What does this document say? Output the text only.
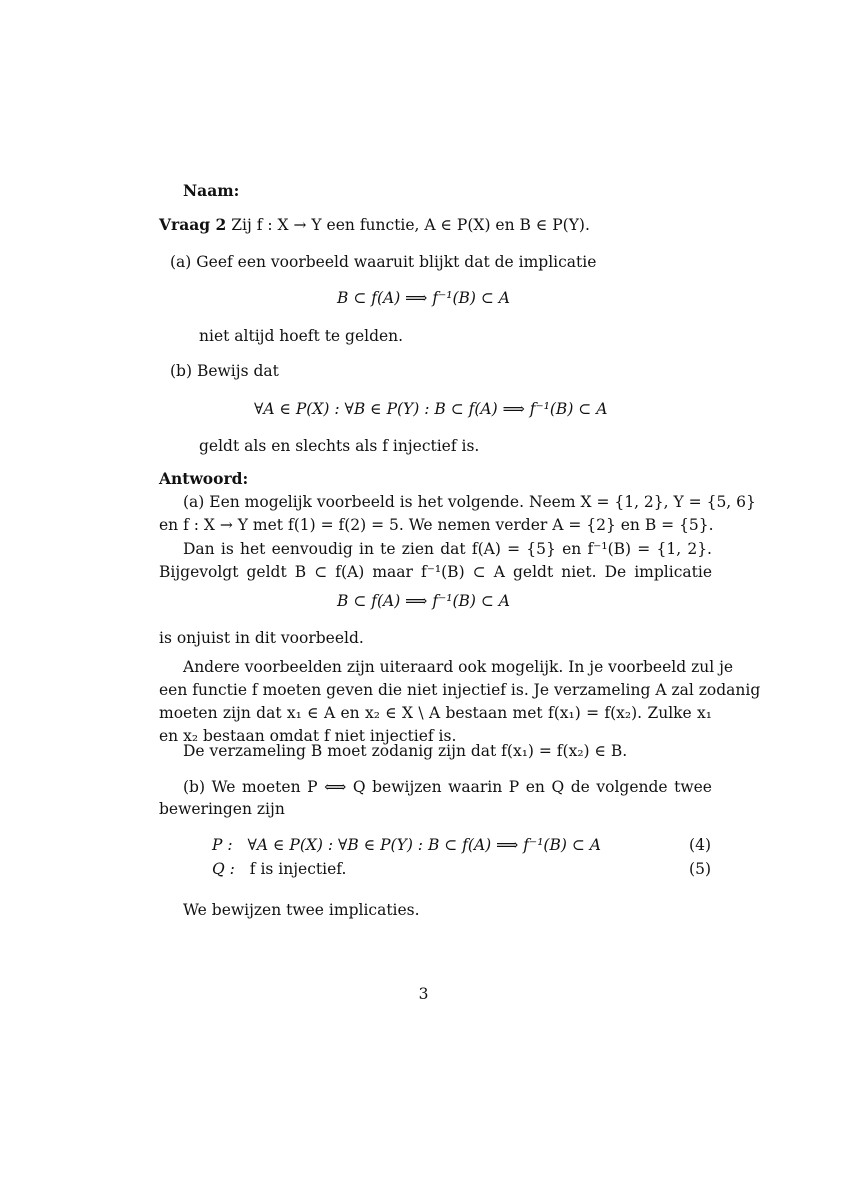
Naam:
Vraag 2 Zij f : X → Y een functie, A ∈ P(X) en B ∈ P(Y).
(a) Geef een voorbeeld waaruit blijkt dat de implicatie
B ⊂ f(A) ⟹ f⁻¹(B) ⊂ A
niet altijd hoeft te gelden.
(b) Bewijs dat
∀A ∈ P(X) : ∀B ∈ P(Y) : B ⊂ f(A) ⟹ f⁻¹(B) ⊂ A
geldt als en slechts als f injectief is.
Antwoord:
(a) Een mogelijk voorbeeld is het volgende. Neem X = {1, 2}, Y = {5, 6}
en f : X → Y met f(1) = f(2) = 5. We nemen verder A = {2} en B = {5}.
Dan is het eenvoudig in te zien dat f(A) = {5} en f⁻¹(B) = {1, 2}.
Bijgevolgt geldt B ⊂ f(A) maar f⁻¹(B) ⊂ A geldt niet. De implicatie
B ⊂ f(A) ⟹ f⁻¹(B) ⊂ A
is onjuist in dit voorbeeld.
Andere voorbeelden zijn uiteraard ook mogelijk. In je voorbeeld zul je
een functie f moeten geven die niet injectief is. Je verzameling A zal zodanig
moeten zijn dat x₁ ∈ A en x₂ ∈ X \ A bestaan met f(x₁) = f(x₂). Zulke x₁
en x₂ bestaan omdat f niet injectief is.
De verzameling B moet zodanig zijn dat f(x₁) = f(x₂) ∈ B.
(b) We moeten P ⟺ Q bewijzen waarin P en Q de volgende twee
beweringen zijn
P : ∀A ∈ P(X) : ∀B ∈ P(Y) : B ⊂ f(A) ⟹ f⁻¹(B) ⊂ A	(4)
Q : f is injectief.	(5)
We bewijzen twee implicaties.
3
